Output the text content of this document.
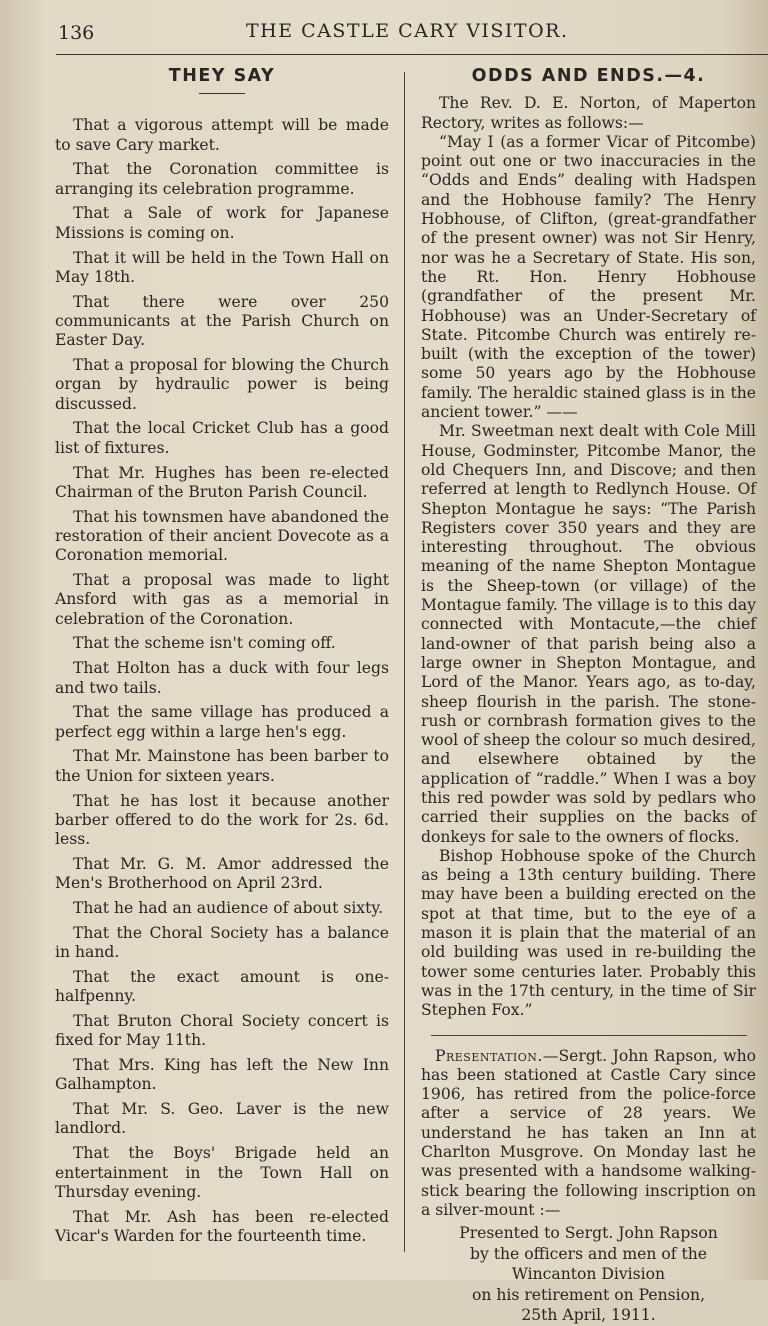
136	THE CASTLE CARY VISITOR.
THEY SAY

That a vigorous attempt will be made to save Cary market.

That the Coronation committee is arranging its celebration programme.

That a Sale of work for Japanese Missions is coming on.

That it will be held in the Town Hall on May 18th.

That there were over 250 communicants at the Parish Church on Easter Day.

That a proposal for blowing the Church organ by hydraulic power is being discussed.

That the local Cricket Club has a good list of fixtures.

That Mr. Hughes has been re-elected Chairman of the Bruton Parish Council.

That his townsmen have abandoned the restoration of their ancient Dovecote as a Coronation memorial.

That a proposal was made to light Ansford with gas as a memorial in celebration of the Coronation.

That the scheme isn't coming off.

That Holton has a duck with four legs and two tails.

That the same village has produced a perfect egg within a large hen's egg.

That Mr. Mainstone has been barber to the Union for sixteen years.

That he has lost it because another barber offered to do the work for 2s. 6d. less.

That Mr. G. M. Amor addressed the Men's Brotherhood on April 23rd.

That he had an audience of about sixty.

That the Choral Society has a balance in hand.

That the exact amount is one-halfpenny.

That Bruton Choral Society concert is fixed for May 11th.

That Mrs. King has left the New Inn Galhampton.

That Mr. S. Geo. Laver is the new landlord.

That the Boys' Brigade held an entertainment in the Town Hall on Thursday evening.

That Mr. Ash has been re-elected Vicar's Warden for the fourteenth time.

ODDS AND ENDS.—4.

The Rev. D. E. Norton, of Maperton Rectory, writes as follows:—

“May I (as a former Vicar of Pitcombe) point out one or two inaccuracies in the “Odds and Ends” dealing with Hadspen and the Hobhouse family? The Henry Hobhouse, of Clifton, (great-grandfather of the present owner) was not Sir Henry, nor was he a Secretary of State. His son, the Rt. Hon. Henry Hobhouse (grandfather of the present Mr. Hobhouse) was an Under-Secretary of State. Pitcombe Church was entirely re-built (with the exception of the tower) some 50 years ago by the Hobhouse family. The heraldic stained glass is in the ancient tower.” ——

Mr. Sweetman next dealt with Cole Mill House, Godminster, Pitcombe Manor, the old Chequers Inn, and Discove; and then referred at length to Redlynch House. Of Shepton Montague he says: “The Parish Registers cover 350 years and they are interesting throughout. The obvious meaning of the name Shepton Montague is the Sheep-town (or village) of the Montague family. The village is to this day connected with Montacute,—the chief land-owner of that parish being also a large owner in Shepton Montague, and Lord of the Manor. Years ago, as to-day, sheep flourish in the parish. The stone-rush or cornbrash formation gives to the wool of sheep the colour so much desired, and elsewhere obtained by the application of “raddle.” When I was a boy this red powder was sold by pedlars who carried their supplies on the backs of donkeys for sale to the owners of flocks.

Bishop Hobhouse spoke of the Church as being a 13th century building. There may have been a building erected on the spot at that time, but to the eye of a mason it is plain that the material of an old building was used in re-building the tower some centuries later. Probably this was in the 17th century, in the time of Sir Stephen Fox.”

Presentation.—Sergt. John Rapson, who has been stationed at Castle Cary since 1906, has retired from the police-force after a service of 28 years. We understand he has taken an Inn at Charlton Musgrove. On Monday last he was presented with a handsome walking-stick bearing the following inscription on a silver-mount :—

Presented to Sergt. John Rapson
by the officers and men of the
Wincanton Division
on his retirement on Pension,
25th April, 1911.
